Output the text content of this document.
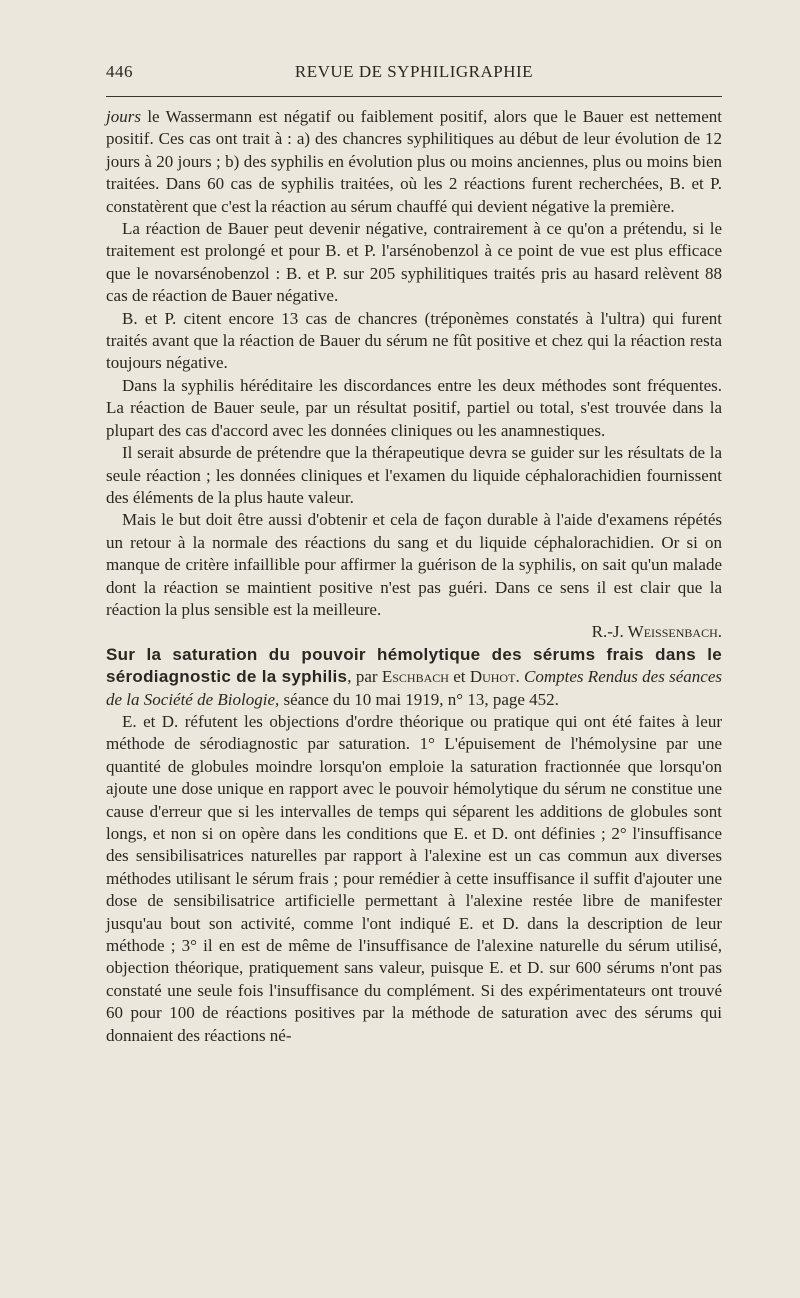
446	REVUE DE SYPHILIGRAPHIE

jours le Wassermann est négatif ou faiblement positif, alors que le Bauer est nettement positif. Ces cas ont trait à : a) des chancres syphilitiques au début de leur évolution de 12 jours à 20 jours ; b) des syphilis en évolution plus ou moins anciennes, plus ou moins bien traitées. Dans 60 cas de syphilis traitées, où les 2 réactions furent recherchées, B. et P. constatèrent que c'est la réaction au sérum chauffé qui devient négative la première.

La réaction de Bauer peut devenir négative, contrairement à ce qu'on a prétendu, si le traitement est prolongé et pour B. et P. l'arsénobenzol à ce point de vue est plus efficace que le novarsénobenzol : B. et P. sur 205 syphilitiques traités pris au hasard relèvent 88 cas de réaction de Bauer négative.

B. et P. citent encore 13 cas de chancres (tréponèmes constatés à l'ultra) qui furent traités avant que la réaction de Bauer du sérum ne fût positive et chez qui la réaction resta toujours négative.

Dans la syphilis héréditaire les discordances entre les deux méthodes sont fréquentes. La réaction de Bauer seule, par un résultat positif, partiel ou total, s'est trouvée dans la plupart des cas d'accord avec les données cliniques ou les anamnestiques.

Il serait absurde de prétendre que la thérapeutique devra se guider sur les résultats de la seule réaction ; les données cliniques et l'examen du liquide céphalorachidien fournissent des éléments de la plus haute valeur.

Mais le but doit être aussi d'obtenir et cela de façon durable à l'aide d'examens répétés un retour à la normale des réactions du sang et du liquide céphalorachidien. Or si on manque de critère infaillible pour affirmer la guérison de la syphilis, on sait qu'un malade dont la réaction se maintient positive n'est pas guéri. Dans ce sens il est clair que la réaction la plus sensible est la meilleure.
R.-J. Weissenbach.

Sur la saturation du pouvoir hémolytique des sérums frais dans le sérodiagnostic de la syphilis, par Eschbach et Duhot. Comptes Rendus des séances de la Société de Biologie, séance du 10 mai 1919, n° 13, page 452.

E. et D. réfutent les objections d'ordre théorique ou pratique qui ont été faites à leur méthode de sérodiagnostic par saturation. 1° L'épuisement de l'hémolysine par une quantité de globules moindre lorsqu'on emploie la saturation fractionnée que lorsqu'on ajoute une dose unique en rapport avec le pouvoir hémolytique du sérum ne constitue une cause d'erreur que si les intervalles de temps qui séparent les additions de globules sont longs, et non si on opère dans les conditions que E. et D. ont définies ; 2° l'insuffisance des sensibilisatrices naturelles par rapport à l'alexine est un cas commun aux diverses méthodes utilisant le sérum frais ; pour remédier à cette insuffisance il suffit d'ajouter une dose de sensibilisatrice artificielle permettant à l'alexine restée libre de manifester jusqu'au bout son activité, comme l'ont indiqué E. et D. dans la description de leur méthode ; 3° il en est de même de l'insuffisance de l'alexine naturelle du sérum utilisé, objection théorique, pratiquement sans valeur, puisque E. et D. sur 600 sérums n'ont pas constaté une seule fois l'insuffisance du complément. Si des expérimentateurs ont trouvé 60 pour 100 de réactions positives par la méthode de saturation avec des sérums qui donnaient des réactions né-
